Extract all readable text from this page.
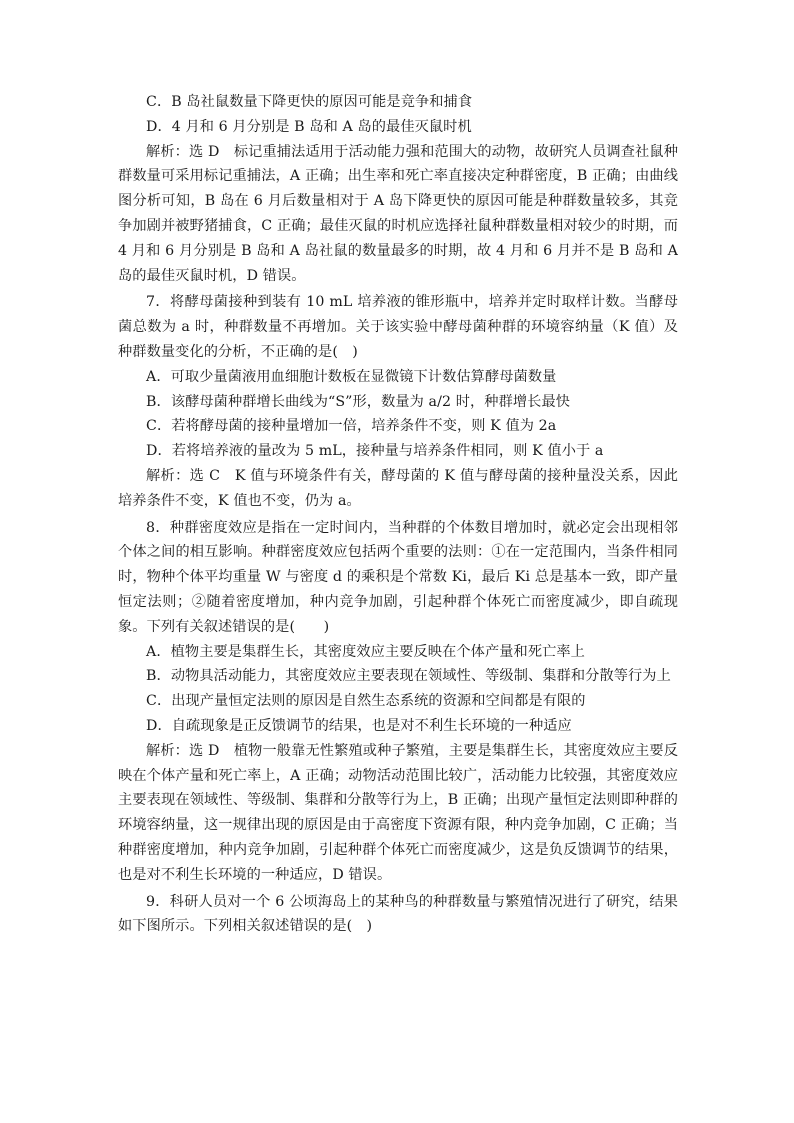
C．B 岛社鼠数量下降更快的原因可能是竞争和捕食

D．4 月和 6 月分别是 B 岛和 A 岛的最佳灭鼠时机

解析：选 D　标记重捕法适用于活动能力强和范围大的动物，故研究人员调查社鼠种群数量可采用标记重捕法，A 正确；出生率和死亡率直接决定种群密度，B 正确；由曲线图分析可知，B 岛在 6 月后数量相对于 A 岛下降更快的原因可能是种群数量较多，其竞争加剧并被野猪捕食，C 正确；最佳灭鼠的时机应选择社鼠种群数量相对较少的时期，而 4 月和 6 月分别是 B 岛和 A 岛社鼠的数量最多的时期，故 4 月和 6 月并不是 B 岛和 A 岛的最佳灭鼠时机，D 错误。

7．将酵母菌接种到装有 10 mL 培养液的锥形瓶中，培养并定时取样计数。当酵母菌总数为 a 时，种群数量不再增加。关于该实验中酵母菌种群的环境容纳量（K 值）及种群数量变化的分析，不正确的是(　)

A．可取少量菌液用血细胞计数板在显微镜下计数估算酵母菌数量

B．该酵母菌种群增长曲线为“S”形，数量为 a/2 时，种群增长最快

C．若将酵母菌的接种量增加一倍，培养条件不变，则 K 值为 2a

D．若将培养液的量改为 5 mL，接种量与培养条件相同，则 K 值小于 a

解析：选 C　K 值与环境条件有关，酵母菌的 K 值与酵母菌的接种量没关系，因此培养条件不变，K 值也不变，仍为 a。

8．种群密度效应是指在一定时间内，当种群的个体数目增加时，就必定会出现相邻个体之间的相互影响。种群密度效应包括两个重要的法则：①在一定范围内，当条件相同时，物种个体平均重量 W 与密度 d 的乘积是个常数 Ki，最后 Ki 总是基本一致，即产量恒定法则；②随着密度增加，种内竞争加剧，引起种群个体死亡而密度减少，即自疏现象。下列有关叙述错误的是(　　)

A．植物主要是集群生长，其密度效应主要反映在个体产量和死亡率上

B．动物具活动能力，其密度效应主要表现在领域性、等级制、集群和分散等行为上

C．出现产量恒定法则的原因是自然生态系统的资源和空间都是有限的

D．自疏现象是正反馈调节的结果，也是对不利生长环境的一种适应

解析：选 D　植物一般靠无性繁殖或种子繁殖，主要是集群生长，其密度效应主要反映在个体产量和死亡率上，A 正确；动物活动范围比较广，活动能力比较强，其密度效应主要表现在领域性、等级制、集群和分散等行为上，B 正确；出现产量恒定法则即种群的环境容纳量，这一规律出现的原因是由于高密度下资源有限，种内竞争加剧，C 正确；当种群密度增加，种内竞争加剧，引起种群个体死亡而密度减少，这是负反馈调节的结果，也是对不利生长环境的一种适应，D 错误。

9．科研人员对一个 6 公顷海岛上的某种鸟的种群数量与繁殖情况进行了研究，结果如下图所示。下列相关叙述错误的是(　)
